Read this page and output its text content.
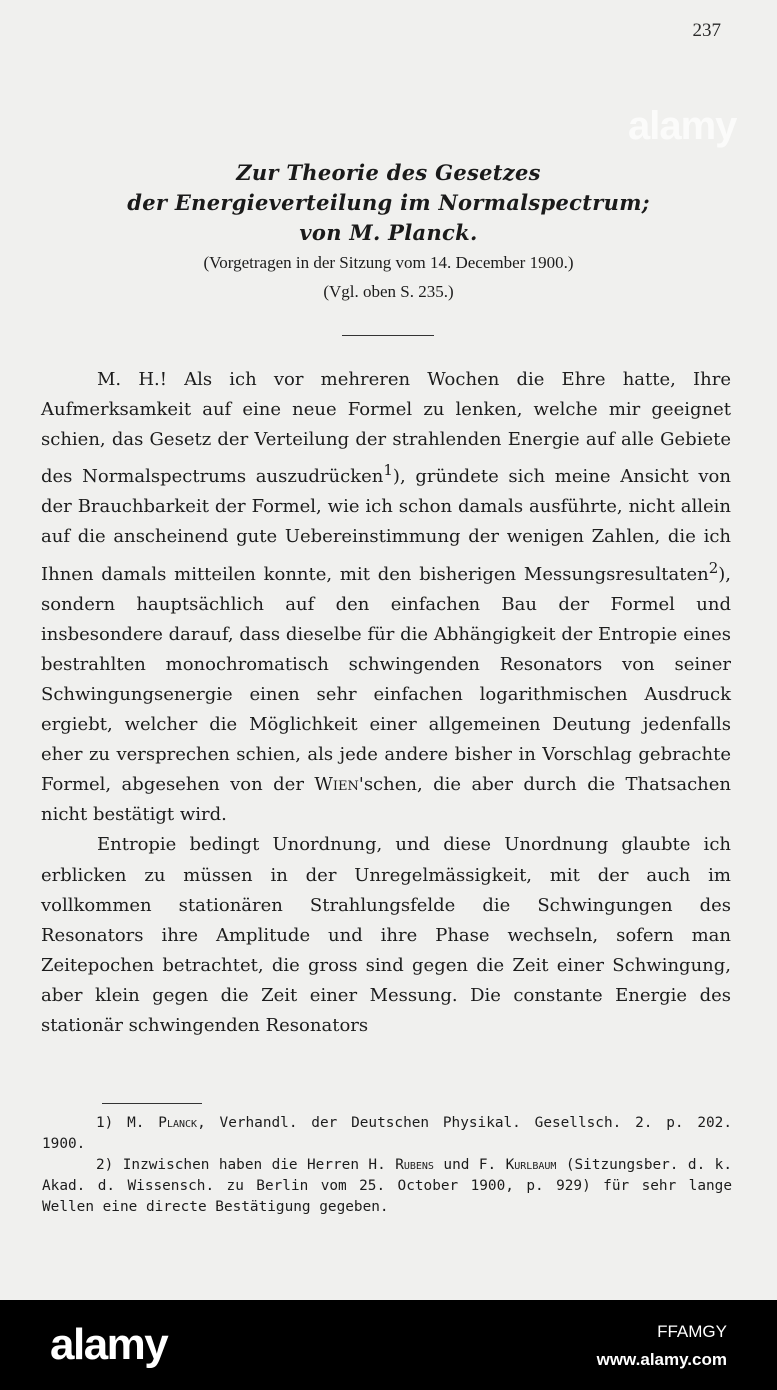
237
alamy
Zur Theorie des Gesetzes
der Energieverteilung im Normalspectrum;
von M. Planck.
(Vorgetragen in der Sitzung vom 14. December 1900.)
(Vgl. oben S. 235.)

M. H.! Als ich vor mehreren Wochen die Ehre hatte, Ihre Aufmerksamkeit auf eine neue Formel zu lenken, welche mir geeignet schien, das Gesetz der Verteilung der strahlenden Energie auf alle Gebiete des Normalspectrums auszudrücken$^1$), gründete sich meine Ansicht von der Brauchbarkeit der Formel, wie ich schon damals ausführte, nicht allein auf die anscheinend gute Uebereinstimmung der wenigen Zahlen, die ich Ihnen damals mitteilen konnte, mit den bisherigen Messungsresultaten$^2$), sondern hauptsächlich auf den einfachen Bau der Formel und insbesondere darauf, dass dieselbe für die Abhängigkeit der Entropie eines bestrahlten monochromatisch schwingenden Resonators von seiner Schwingungsenergie einen sehr einfachen logarithmischen Ausdruck ergiebt, welcher die Möglichkeit einer allgemeinen Deutung jedenfalls eher zu versprechen schien, als jede andere bisher in Vorschlag gebrachte Formel, abgesehen von der Wien'schen, die aber durch die Thatsachen nicht bestätigt wird.

Entropie bedingt Unordnung, und diese Unordnung glaubte ich erblicken zu müssen in der Unregelmässigkeit, mit der auch im vollkommen stationären Strahlungsfelde die Schwingungen des Resonators ihre Amplitude und ihre Phase wechseln, sofern man Zeitepochen betrachtet, die gross sind gegen die Zeit einer Schwingung, aber klein gegen die Zeit einer Messung. Die constante Energie des stationär schwingenden Resonators

1) M. Planck, Verhandl. der Deutschen Physikal. Gesellsch. 2. p. 202. 1900.

2) Inzwischen haben die Herren H. Rubens und F. Kurlbaum (Sitzungsber. d. k. Akad. d. Wissensch. zu Berlin vom 25. October 1900, p. 929) für sehr lange Wellen eine directe Bestätigung gegeben.

alamy	FFAMGY
www.alamy.com
